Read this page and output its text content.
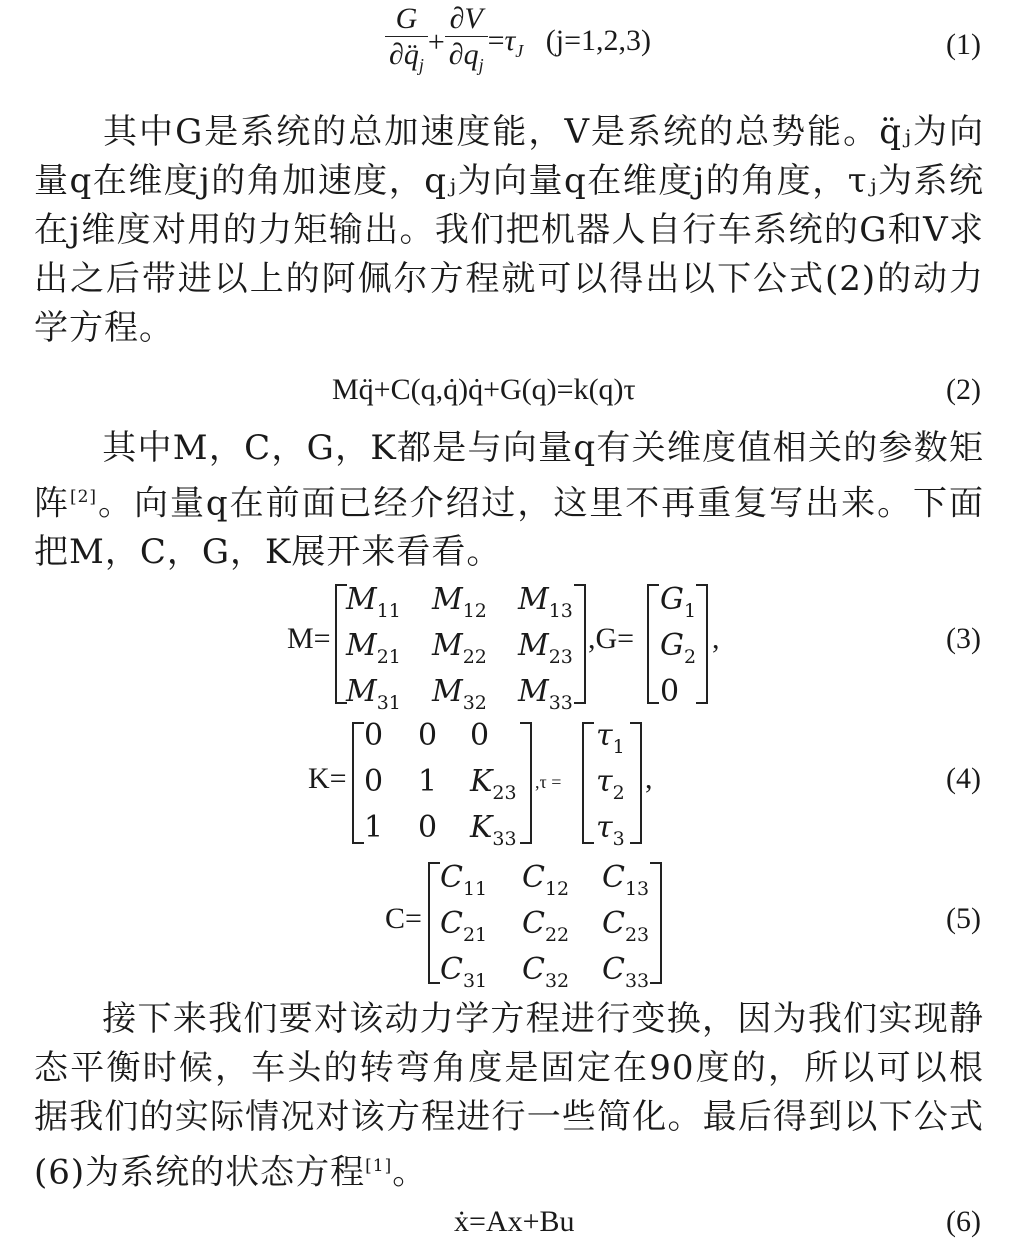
$\frac{G}{\partial q̈_j} + \frac{\partial V}{\partial q_j} =\tau_J$ (j=1,2,3)	(1)
其中G是系统的总加速度能，V是系统的总势能。q̈ⱼ为向量q在维度j的角加速度，qⱼ为向量q在维度j的角度，τⱼ为系统在j维度对用的力矩输出。我们把机器人自行车系统的G和V求出之后带进以上的阿佩尔方程就可以得出以下公式(2)的动力学方程。
Mq̈+C(q,q̇)q̇+G(q)=k(q)τ	(2)
其中M，C，G，K都是与向量q有关维度值相关的参数矩阵[2]。向量q在前面已经介绍过，这里不再重复写出来。下面把M，C，G，K展开来看看。
M=	,G=	,	(3)
K=	,τ =	,	(4)
C=	(5)
接下来我们要对该动力学方程进行变换，因为我们实现静态平衡时候，车头的转弯角度是固定在90度的，所以可以根据我们的实际情况对该方程进行一些简化。最后得到以下公式(6)为系统的状态方程[1]。
ẋ=Ax+Bu	(6)
$M_{11}$ $M_{12}$ $M_{13}$
$M_{21}$ $M_{22}$ $M_{23}$
$M_{31}$ $M_{32}$ $M_{33}$
$G_1$
$G_2$
0
0 0 0
0 1 $K_{23}$
1 0 $K_{33}$
$\tau_1$
$\tau_2$
$\tau_3$
$C_{11}$ $C_{12}$ $C_{13}$
$C_{21}$ $C_{22}$ $C_{23}$
$C_{31}$ $C_{32}$ $C_{33}$
